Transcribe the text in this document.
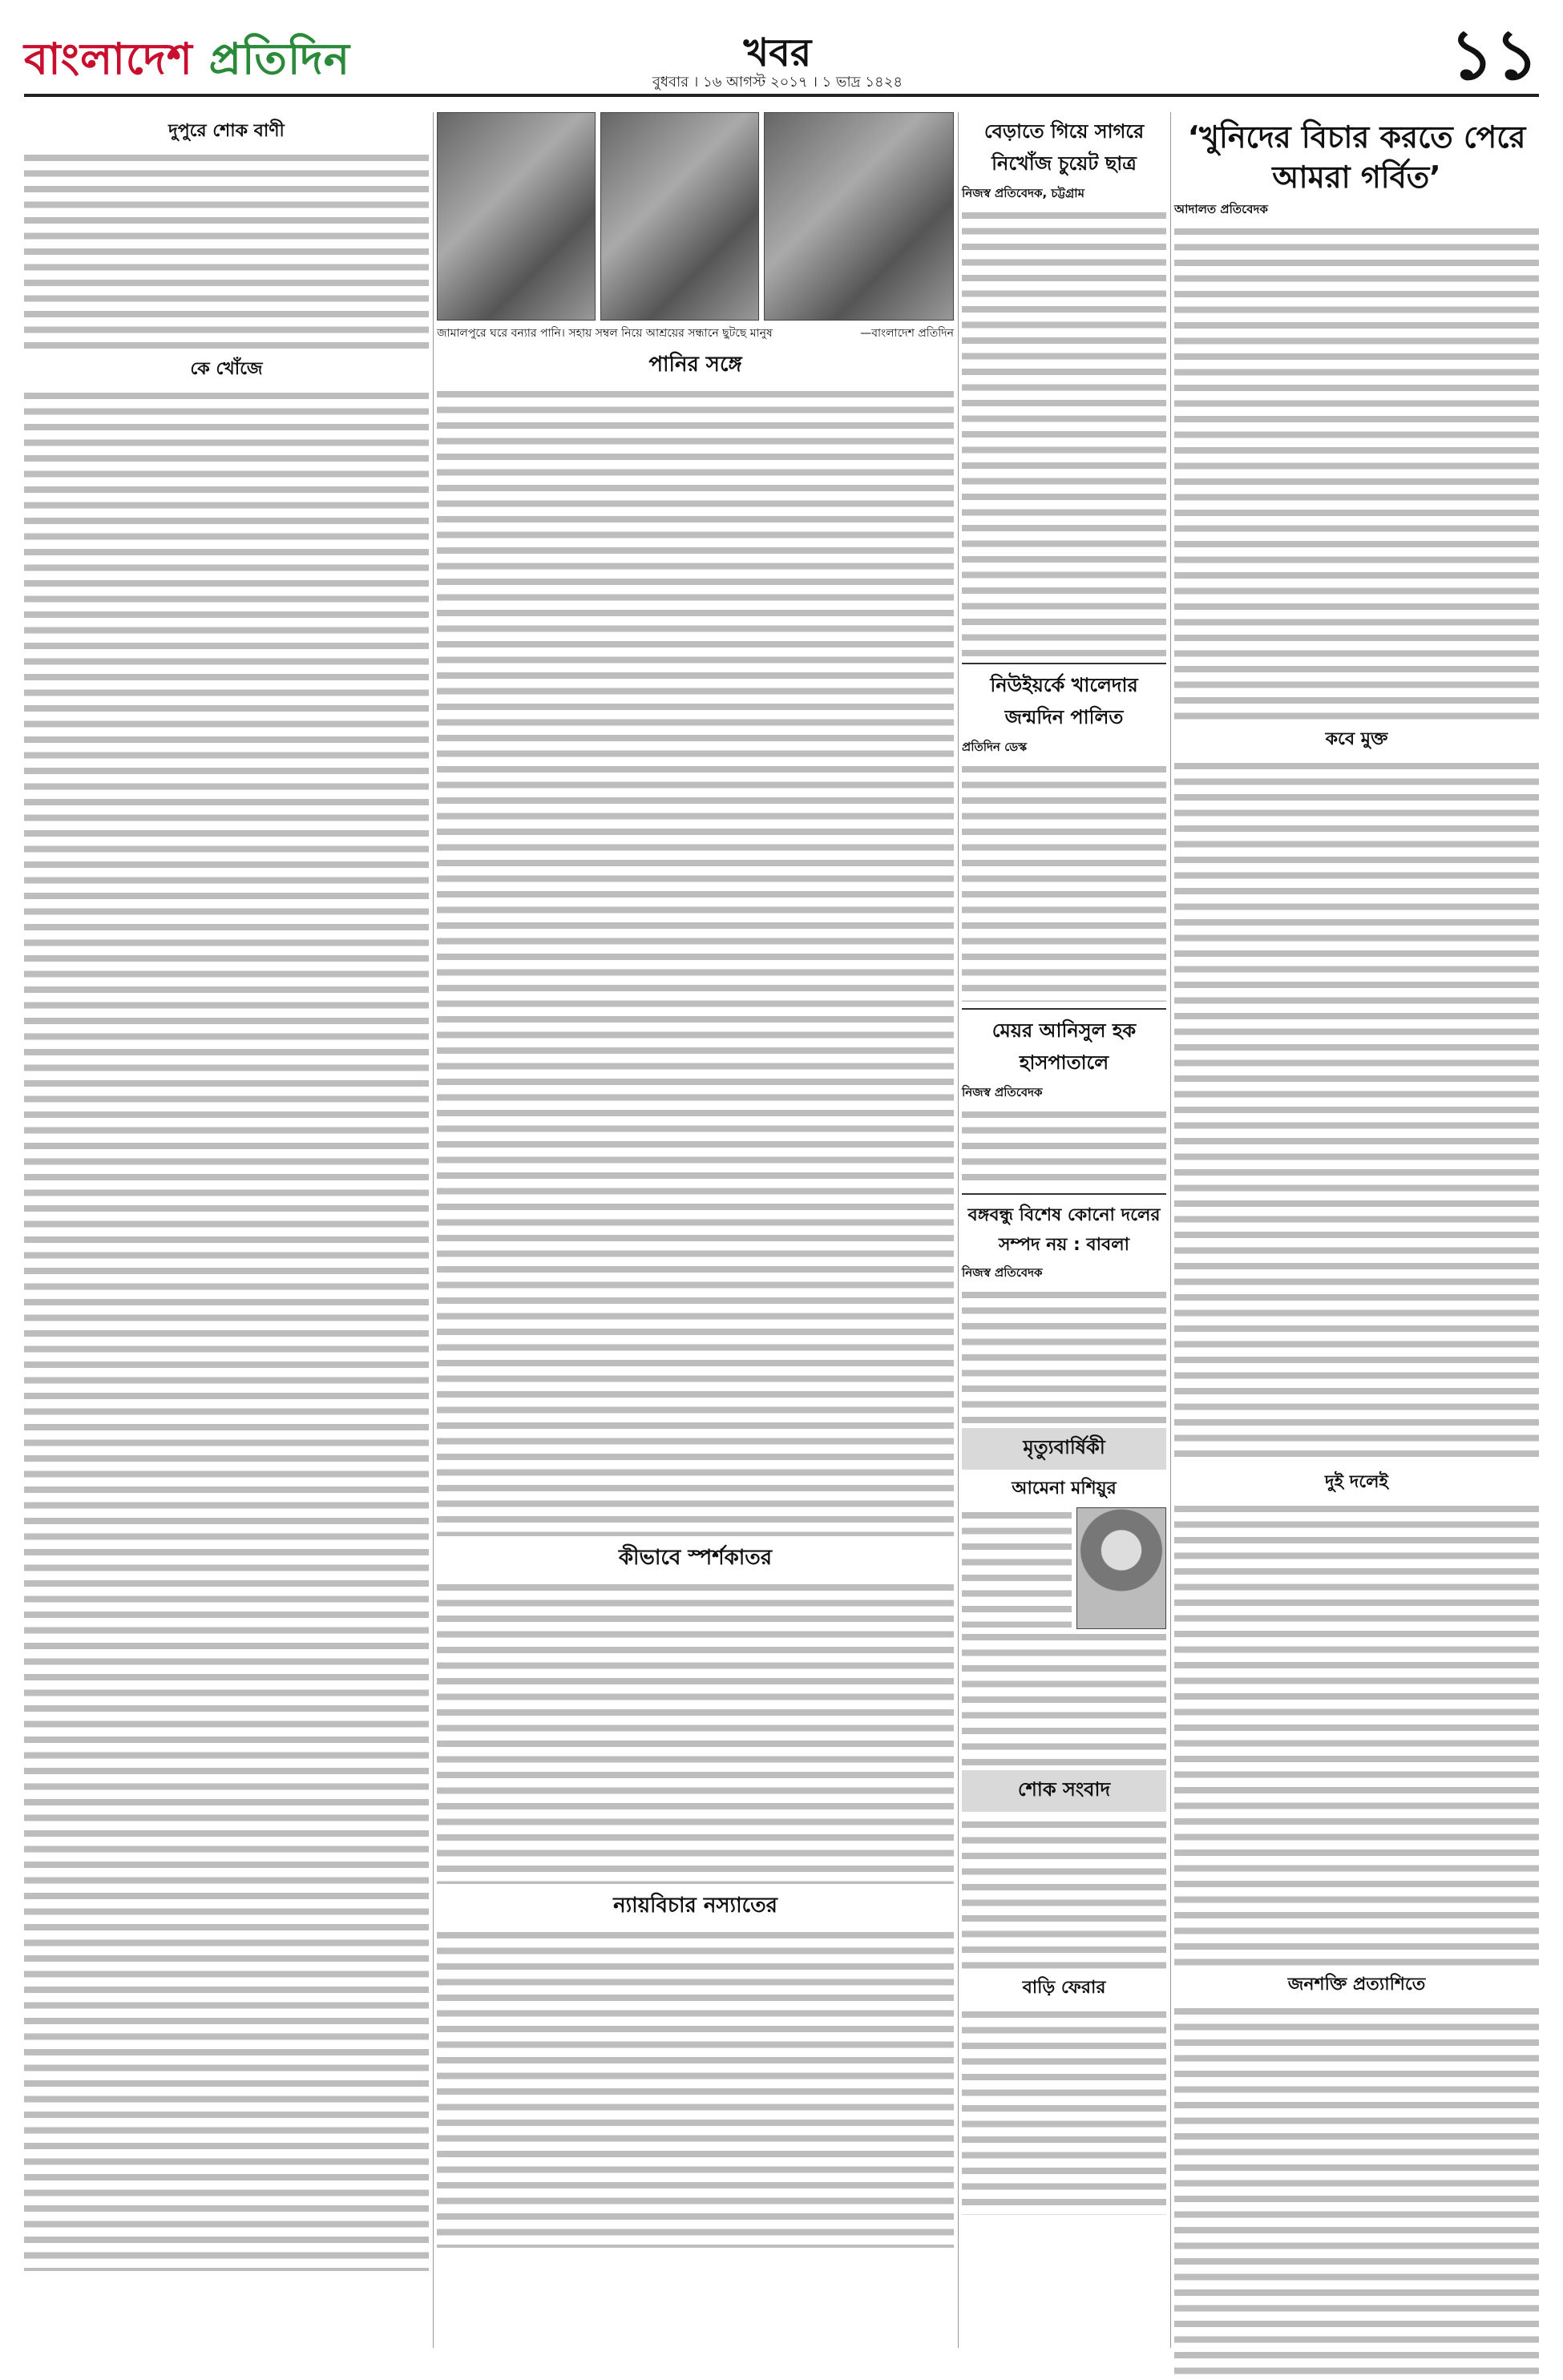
বাংলাদেশ প্রতিদিন	খবর
বুধবার । ১৬ আগস্ট ২০১৭ । ১ ভাদ্র ১৪২৪	১১
দুপুরে শোক বাণী
কে খোঁজে
জামালপুরে ঘরে বন্যার পানি। সহায় সম্বল নিয়ে আশ্রয়ের সন্ধানে ছুটছে মানুষ	—বাংলাদেশ প্রতিদিন
পানির সঙ্গে
কীভাবে স্পর্শকাতর
ন্যায়বিচার নস্যাতের
বেড়াতে গিয়ে সাগরে নিখোঁজ চুয়েট ছাত্র
নিজস্ব প্রতিবেদক, চট্টগ্রাম
নিউইয়র্কে খালেদার জন্মদিন পালিত
প্রতিদিন ডেস্ক
মেয়র আনিসুল হক হাসপাতালে
নিজস্ব প্রতিবেদক
বঙ্গবন্ধু বিশেষ কোনো দলের সম্পদ নয় : বাবলা
নিজস্ব প্রতিবেদক
মৃত্যুবার্ষিকী
আমেনা মশিয়ুর
শোক সংবাদ
বাড়ি ফেরার
‘খুনিদের বিচার করতে পেরে আমরা গর্বিত’
আদালত প্রতিবেদক
কবে মুক্ত
দুই দলেই
জনশক্তি প্রত্যাশিতে
